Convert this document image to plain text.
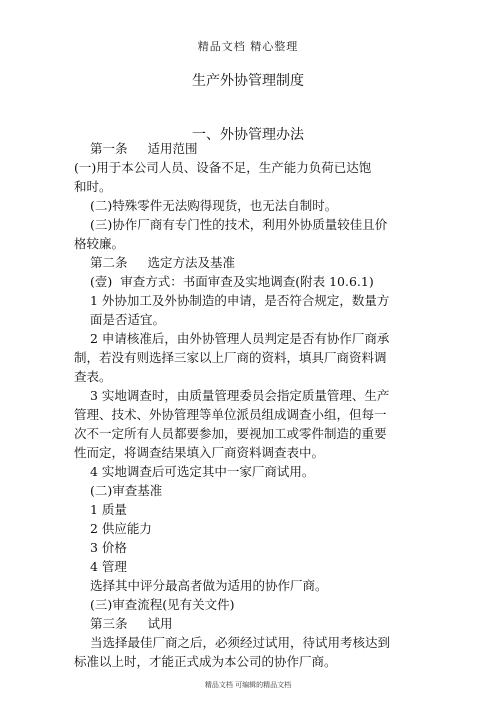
精品文档 精心整理
生产外协管理制度
一、外协管理办法

第一条 适用范围

(一)用于本公司人员、设备不足，生产能力负荷已达饱

和时。

(二)特殊零件无法购得现货，也无法自制时。

(三)协作厂商有专门性的技术，利用外协质量较佳且价

格较廉。

第二条 选定方法及基准

(壹) 审查方式：书面审查及实地调查(附表 10.6.1)

1 外协加工及外协制造的申请，是否符合规定，数量方

面是否适宜。

2 申请核准后，由外协管理人员判定是否有协作厂商承

制，若没有则选择三家以上厂商的资料，填具厂商资料调

查表。

3 实地调查时，由质量管理委员会指定质量管理、生产

管理、技术、外协管理等单位派员组成调查小组，但每一

次不一定所有人员都要参加，要视加工或零件制造的重要

性而定，将调查结果填入厂商资料调查表中。

4 实地调查后可选定其中一家厂商试用。

(二)审查基准

1 质量

2 供应能力

3 价格

4 管理

选择其中评分最高者做为适用的协作厂商。

(三)审查流程(见有关文件)

第三条 试用

当选择最佳厂商之后，必须经过试用，待试用考核达到

标准以上时，才能正式成为本公司的协作厂商。

精品文档 可编辑的精品文档
